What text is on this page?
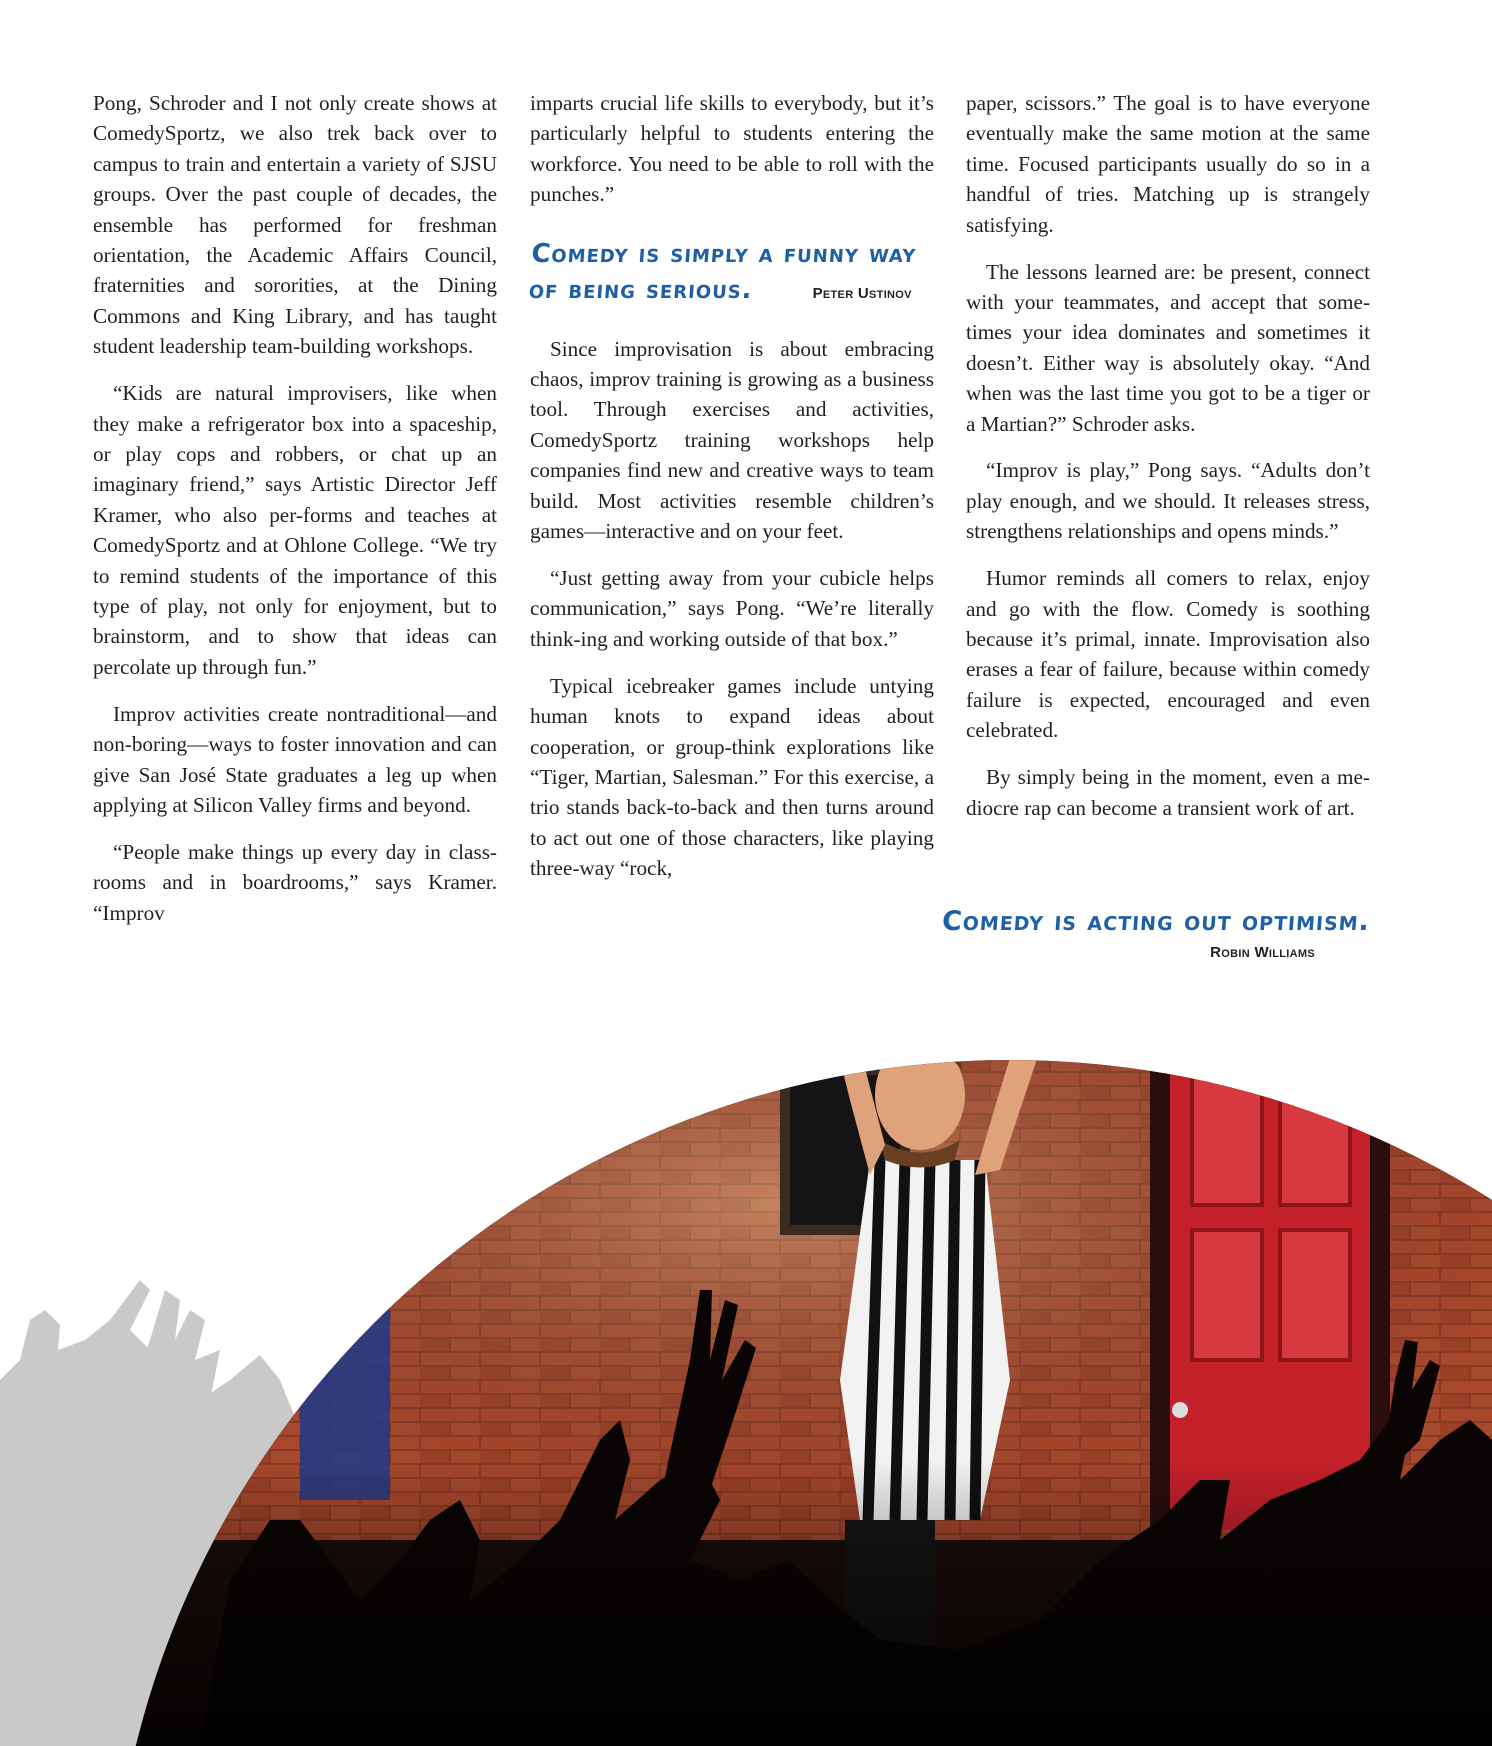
Pong, Schroder and I not only create shows at ComedySportz, we also trek back over to campus to train and entertain a variety of SJSU groups. Over the past couple of decades, the ensemble has performed for freshman orientation, the Academic Affairs Council, fraternities and sororities, at the Dining Commons and King Library, and has taught student leadership team-building workshops.

“Kids are natural improvisers, like when they make a refrigerator box into a spaceship, or play cops and robbers, or chat up an imaginary friend,” says Artistic Director Jeff Kramer, who also per-forms and teaches at ComedySportz and at Ohlone College. “We try to remind students of the importance of this type of play, not only for enjoyment, but to brainstorm, and to show that ideas can percolate up through fun.”

Improv activities create nontraditional—and non-boring—ways to foster innovation and can give San José State graduates a leg up when applying at Silicon Valley firms and beyond.

“People make things up every day in class-rooms and in boardrooms,” says Kramer. “Improv

imparts crucial life skills to everybody, but it’s particularly helpful to students entering the workforce. You need to be able to roll with the punches.”

Comedy is simply a funny way of being serious.	Peter Ustinov

Since improvisation is about embracing chaos, improv training is growing as a business tool. Through exercises and activities, ComedySportz training workshops help companies find new and creative ways to team build. Most activities resemble children’s games—interactive and on your feet.

“Just getting away from your cubicle helps communication,” says Pong. “We’re literally think-ing and working outside of that box.”

Typical icebreaker games include untying human knots to expand ideas about cooperation, or group-think explorations like “Tiger, Martian, Salesman.” For this exercise, a trio stands back-to-back and then turns around to act out one of those characters, like playing three-way “rock,

paper, scissors.” The goal is to have everyone eventually make the same motion at the same time. Focused participants usually do so in a handful of tries. Matching up is strangely satisfying.

The lessons learned are: be present, connect with your teammates, and accept that some-times your idea dominates and sometimes it doesn’t. Either way is absolutely okay. “And when was the last time you got to be a tiger or a Martian?” Schroder asks.

“Improv is play,” Pong says. “Adults don’t play enough, and we should. It releases stress, strengthens relationships and opens minds.”

Humor reminds all comers to relax, enjoy and go with the flow. Comedy is soothing because it’s primal, innate. Improvisation also erases a fear of failure, because within comedy failure is expected, encouraged and even celebrated.

By simply being in the moment, even a me-diocre rap can become a transient work of art.

Comedy is acting out optimism.
Robin Williams
